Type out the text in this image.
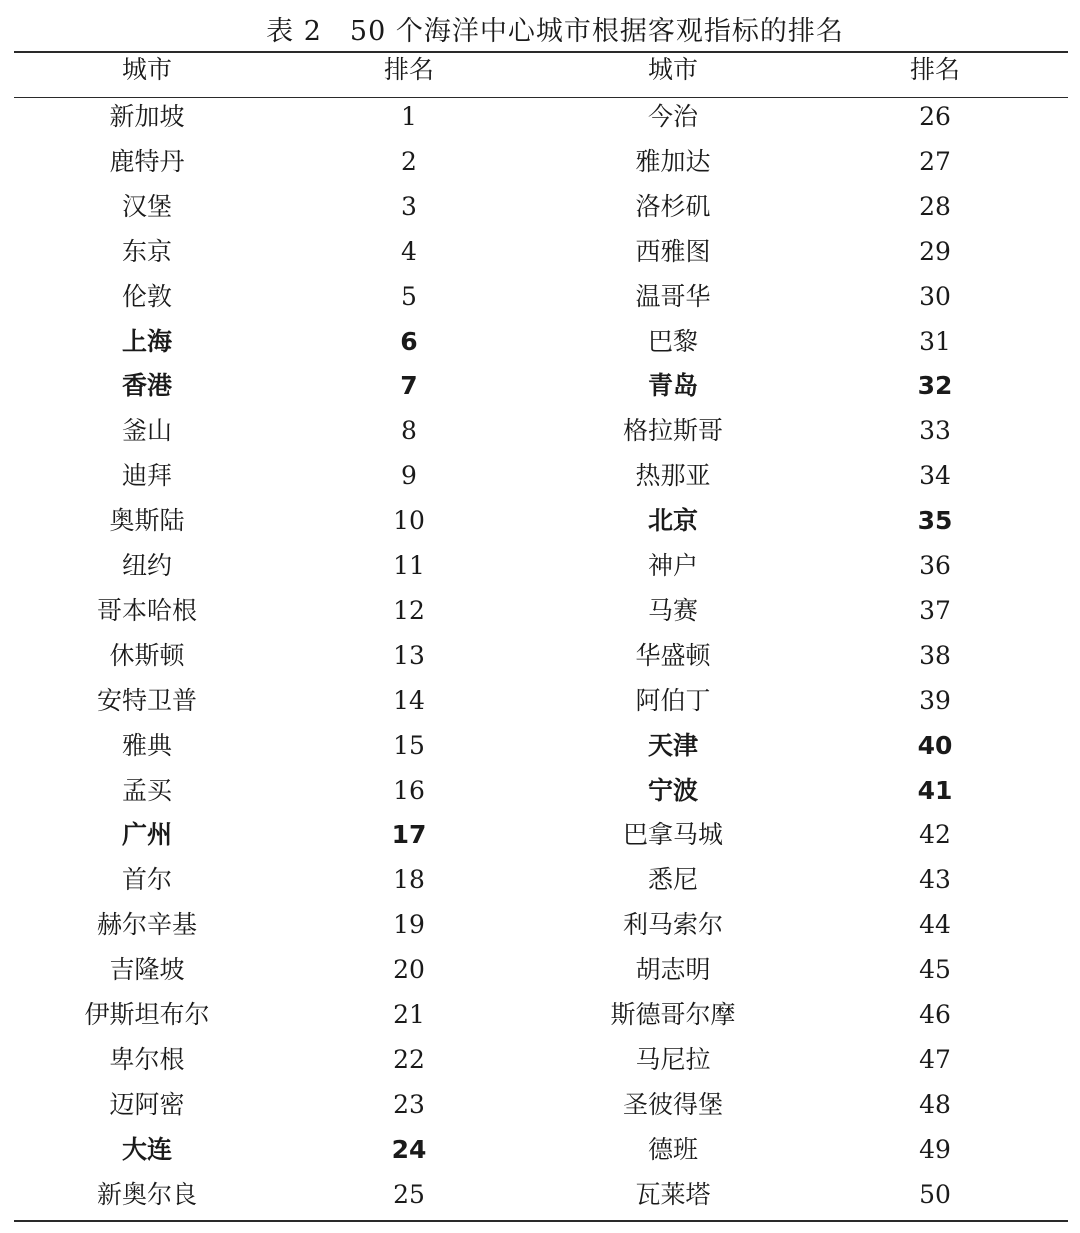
表 2　50 个海洋中心城市根据客观指标的排名
城市	排名	城市	排名
新加坡	1	今治	26
鹿特丹	2	雅加达	27
汉堡	3	洛杉矶	28
东京	4	西雅图	29
伦敦	5	温哥华	30
上海	6	巴黎	31
香港	7	青岛	32
釜山	8	格拉斯哥	33
迪拜	9	热那亚	34
奥斯陆	10	北京	35
纽约	11	神户	36
哥本哈根	12	马赛	37
休斯顿	13	华盛顿	38
安特卫普	14	阿伯丁	39
雅典	15	天津	40
孟买	16	宁波	41
广州	17	巴拿马城	42
首尔	18	悉尼	43
赫尔辛基	19	利马索尔	44
吉隆坡	20	胡志明	45
伊斯坦布尔	21	斯德哥尔摩	46
卑尔根	22	马尼拉	47
迈阿密	23	圣彼得堡	48
大连	24	德班	49
新奥尔良	25	瓦莱塔	50
